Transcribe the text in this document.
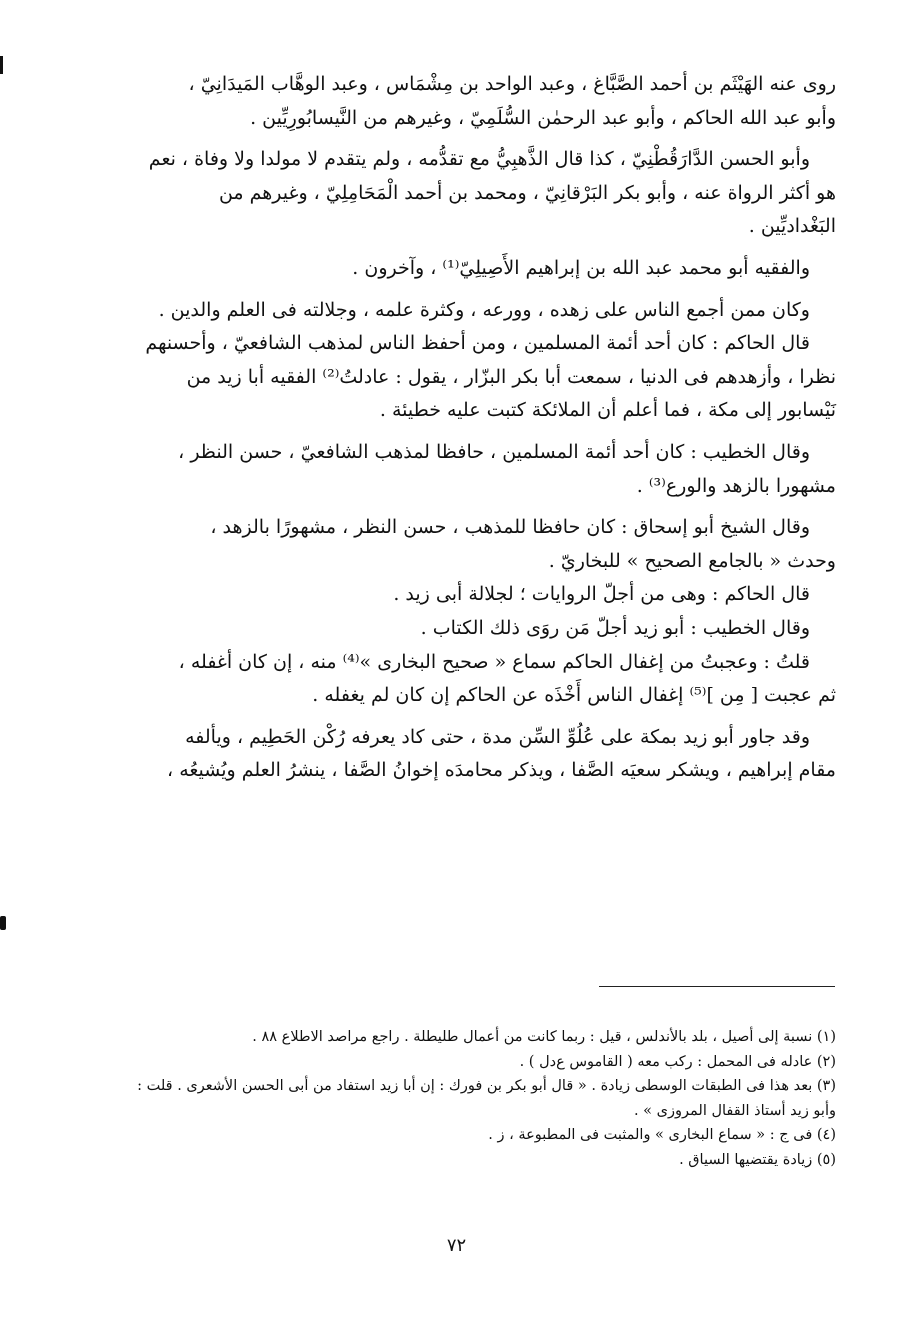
روى عنه الهَيْثَم بن أحمد الصَّبَّاغ ، وعبد الواحد بن مِشْمَاس ، وعبد الوهَّاب المَيدَانِيّ ،
وأبو عبد الله الحاكم ، وأبو عبد الرحمٰن السُّلَمِيّ ، وغيرهم من النَّيسابُورِيِّين .

وأبو الحسن الدَّارَقُطْنِيّ ، كذا قال الذَّهبِيُّ مع تقدُّمه ، ولم يتقدم لا مولدا ولا وفاة ، نعم
هو أكثر الرواة عنه ، وأبو بكر البَرْقانِيّ ، ومحمد بن أحمد الْمَحَامِلِيّ ، وغيرهم من
البَغْداديِّين .

والفقيه أبو محمد عبد الله بن إبراهيم الأَصِيلِيّ⁽¹⁾ ، وآخرون .

وكان ممن أجمع الناس على زهده ، وورعه ، وكثرة علمه ، وجلالته فى العلم والدين .
قال الحاكم : كان أحد أئمة المسلمين ، ومن أحفظ الناس لمذهب الشافعيّ ، وأحسنهم
نظرا ، وأزهدهم فى الدنيا ، سمعت أبا بكر البزّار ، يقول : عادلتُ⁽²⁾ الفقيه أبا زيد من
نَيْسابور إلى مكة ، فما أعلم أن الملائكة كتبت عليه خطيئة .

وقال الخطيب : كان أحد أئمة المسلمين ، حافظا لمذهب الشافعيّ ، حسن النظر ،
مشهورا بالزهد والورع⁽³⁾ .

وقال الشيخ أبو إسحاق : كان حافظا للمذهب ، حسن النظر ، مشهورًا بالزهد ،
وحدث « بالجامع الصحيح » للبخاريّ .
قال الحاكم : وهى من أجلّ الروايات ؛ لجلالة أبى زيد .
وقال الخطيب : أبو زيد أجلّ مَن روَى ذلك الكتاب .
قلتُ : وعجبتُ من إغفال الحاكم سماع « صحيح البخارى »⁽⁴⁾ منه ، إن كان أغفله ،
ثم عجبت [ مِن ]⁽⁵⁾ إغفال الناس أَخْذَه عن الحاكم إن كان لم يغفله .

وقد جاور أبو زيد بمكة على عُلُوِّ السِّن مدة ، حتى كاد يعرفه رُكْن الحَطِيم ، ويألفه
مقام إبراهيم ، ويشكر سعيَه الصَّفا ، ويذكر محامدَه إخوانُ الصَّفا ، ينشرُ العلم ويُشيعُه ،

(١) نسبة إلى أصيل ، بلد بالأندلس ، قيل : ربما كانت من أعمال طليطلة . راجع مراصد الاطلاع ٨٨ .
(٢) عادله فى المحمل : ركب معه ( القاموس ع‌د‌ل ) .
(٣) بعد هذا فى الطبقات الوسطى زيادة . « قال أبو بكر بن فورك : إن أبا زيد استفاد من أبى الحسن الأشعرى . قلت :
وأبو زيد أستاذ القفال المروزى » .
(٤) فى ج : « سماع البخارى » والمثبت فى المطبوعة ، ز .
(٥) زيادة يقتضيها السياق .
٧٢
